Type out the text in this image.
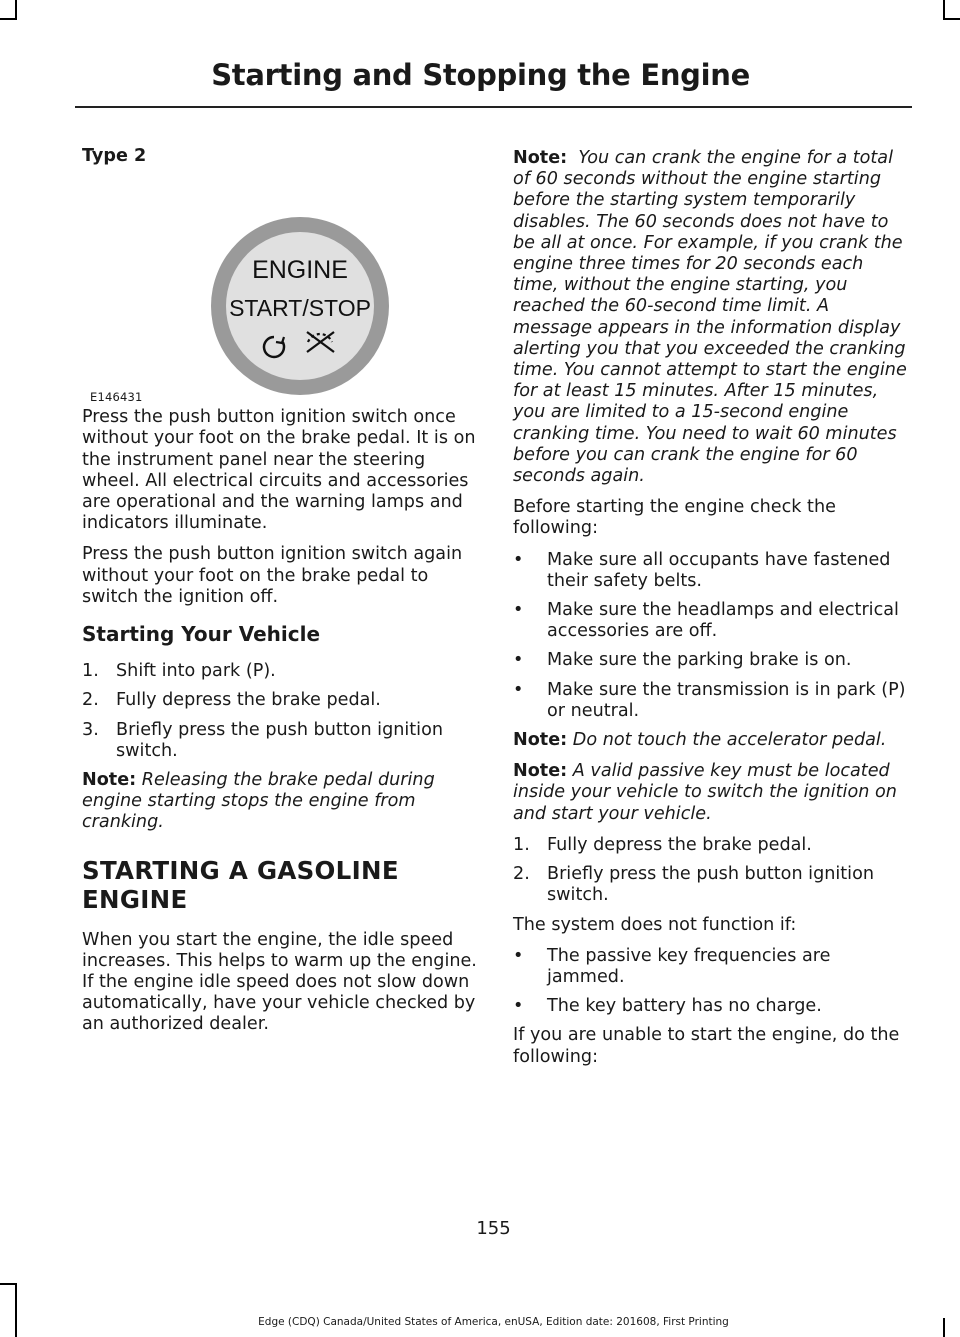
Starting and Stopping the Engine

Type 2

ENGINE
START/STOP
E146431

Press the push button ignition switch once without your foot on the brake pedal. It is on the instrument panel near the steering wheel. All electrical circuits and accessories are operational and the warning lamps and indicators illuminate.

Press the push button ignition switch again without your foot on the brake pedal to switch the ignition off.

Starting Your Vehicle
1. Shift into park (P).
2. Fully depress the brake pedal.
3. Briefly press the push button ignition switch.

Note: Releasing the brake pedal during engine starting stops the engine from cranking.

STARTING A GASOLINE
ENGINE

When you start the engine, the idle speed increases. This helps to warm up the engine. If the engine idle speed does not slow down automatically, have your vehicle checked by an authorized dealer.

Note: You can crank the engine for a total of 60 seconds without the engine starting before the starting system temporarily disables. The 60 seconds does not have to be all at once. For example, if you crank the engine three times for 20 seconds each time, without the engine starting, you reached the 60-second time limit. A message appears in the information display alerting you that you exceeded the cranking time. You cannot attempt to start the engine for at least 15 minutes. After 15 minutes, you are limited to a 15-second engine cranking time. You need to wait 60 minutes before you can crank the engine for 60 seconds again.

Before starting the engine check the following:

• Make sure all occupants have fastened their safety belts.
• Make sure the headlamps and electrical accessories are off.
• Make sure the parking brake is on.
• Make sure the transmission is in park (P) or neutral.

Note: Do not touch the accelerator pedal.

Note: A valid passive key must be located inside your vehicle to switch the ignition on and start your vehicle.

1. Fully depress the brake pedal.
2. Briefly press the push button ignition switch.

The system does not function if:

• The passive key frequencies are jammed.
• The key battery has no charge.

If you are unable to start the engine, do the following:

155
Edge (CDQ) Canada/United States of America, enUSA, Edition date: 201608, First Printing
